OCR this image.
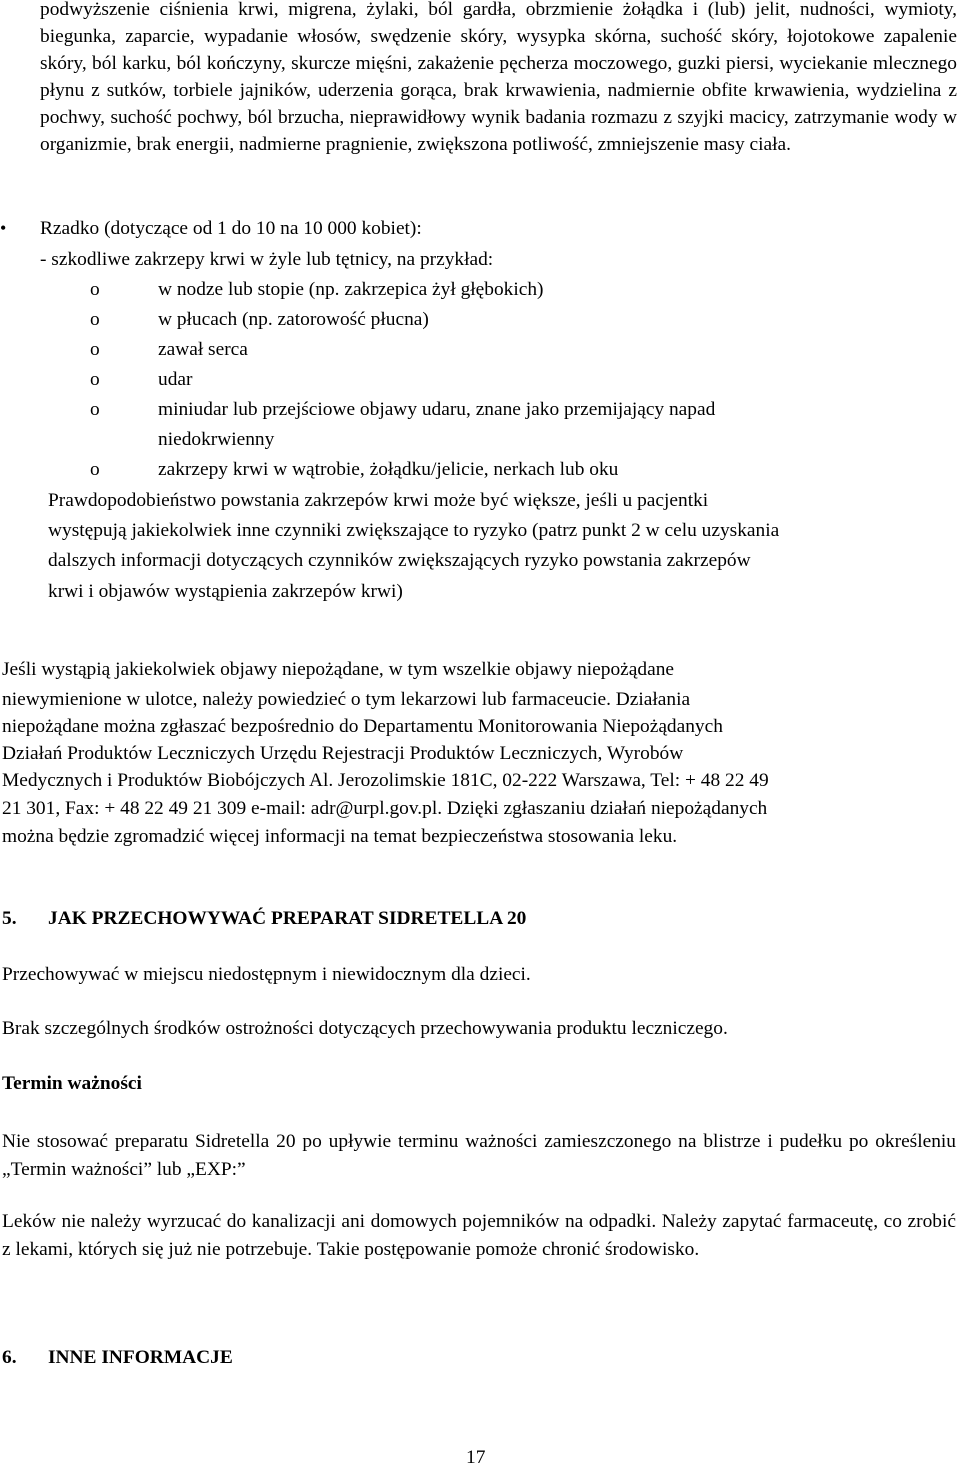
podwyższenie ciśnienia krwi, migrena, żylaki, ból gardła, obrzmienie żołądka i (lub) jelit, nudności, wymioty, biegunka, zaparcie, wypadanie włosów, swędzenie skóry, wysypka skórna, suchość skóry, łojotokowe zapalenie skóry, ból karku, ból kończyny, skurcze mięśni, zakażenie pęcherza moczowego, guzki piersi, wyciekanie mlecznego płynu z sutków, torbiele jajników, uderzenia gorąca, brak krwawienia, nadmiernie obfite krwawienia, wydzielina z pochwy, suchość pochwy, ból brzucha, nieprawidłowy wynik badania rozmazu z szyjki macicy, zatrzymanie wody w organizmie, brak energii, nadmierne pragnienie, zwiększona potliwość, zmniejszenie masy ciała.

• Rzadko (dotyczące od 1 do 10 na 10 000 kobiet):

- szkodliwe zakrzepy krwi w żyle lub tętnicy, na przykład:

o	w nodze lub stopie (np. zakrzepica żył głębokich)

o	w płucach (np. zatorowość płucna)

o	zawał serca

o	udar

o	miniudar lub przejściowe objawy udaru, znane jako przemijający napad

niedokrwienny

o	zakrzepy krwi w wątrobie, żołądku/jelicie, nerkach lub oku

Prawdopodobieństwo powstania zakrzepów krwi może być większe, jeśli u pacjentki

występują jakiekolwiek inne czynniki zwiększające to ryzyko (patrz punkt 2 w celu uzyskania

dalszych informacji dotyczących czynników zwiększających ryzyko powstania zakrzepów

krwi i objawów wystąpienia zakrzepów krwi)

Jeśli wystąpią jakiekolwiek objawy niepożądane, w tym wszelkie objawy niepożądane

niewymienione w ulotce, należy powiedzieć o tym lekarzowi lub farmaceucie. Działania

niepożądane można zgłaszać bezpośrednio do Departamentu Monitorowania Niepożądanych

Działań Produktów Leczniczych Urzędu Rejestracji Produktów Leczniczych, Wyrobów

Medycznych i Produktów Biobójczych Al. Jerozolimskie 181C, 02-222 Warszawa, Tel: + 48 22 49

21 301, Fax: + 48 22 49 21 309 e-mail: adr@urpl.gov.pl. Dzięki zgłaszaniu działań niepożądanych

można będzie zgromadzić więcej informacji na temat bezpieczeństwa stosowania leku.

5. JAK PRZECHOWYWAĆ PREPARAT SIDRETELLA 20

Przechowywać w miejscu niedostępnym i niewidocznym dla dzieci.

Brak szczególnych środków ostrożności dotyczących przechowywania produktu leczniczego.

Termin ważności

Nie stosować preparatu Sidretella 20 po upływie terminu ważności zamieszczonego na blistrze i pudełku po określeniu „Termin ważności” lub „EXP:”

Leków nie należy wyrzucać do kanalizacji ani domowych pojemników na odpadki. Należy zapytać farmaceutę, co zrobić z lekami, których się już nie potrzebuje. Takie postępowanie pomoże chronić środowisko.

6. INNE INFORMACJE

17
